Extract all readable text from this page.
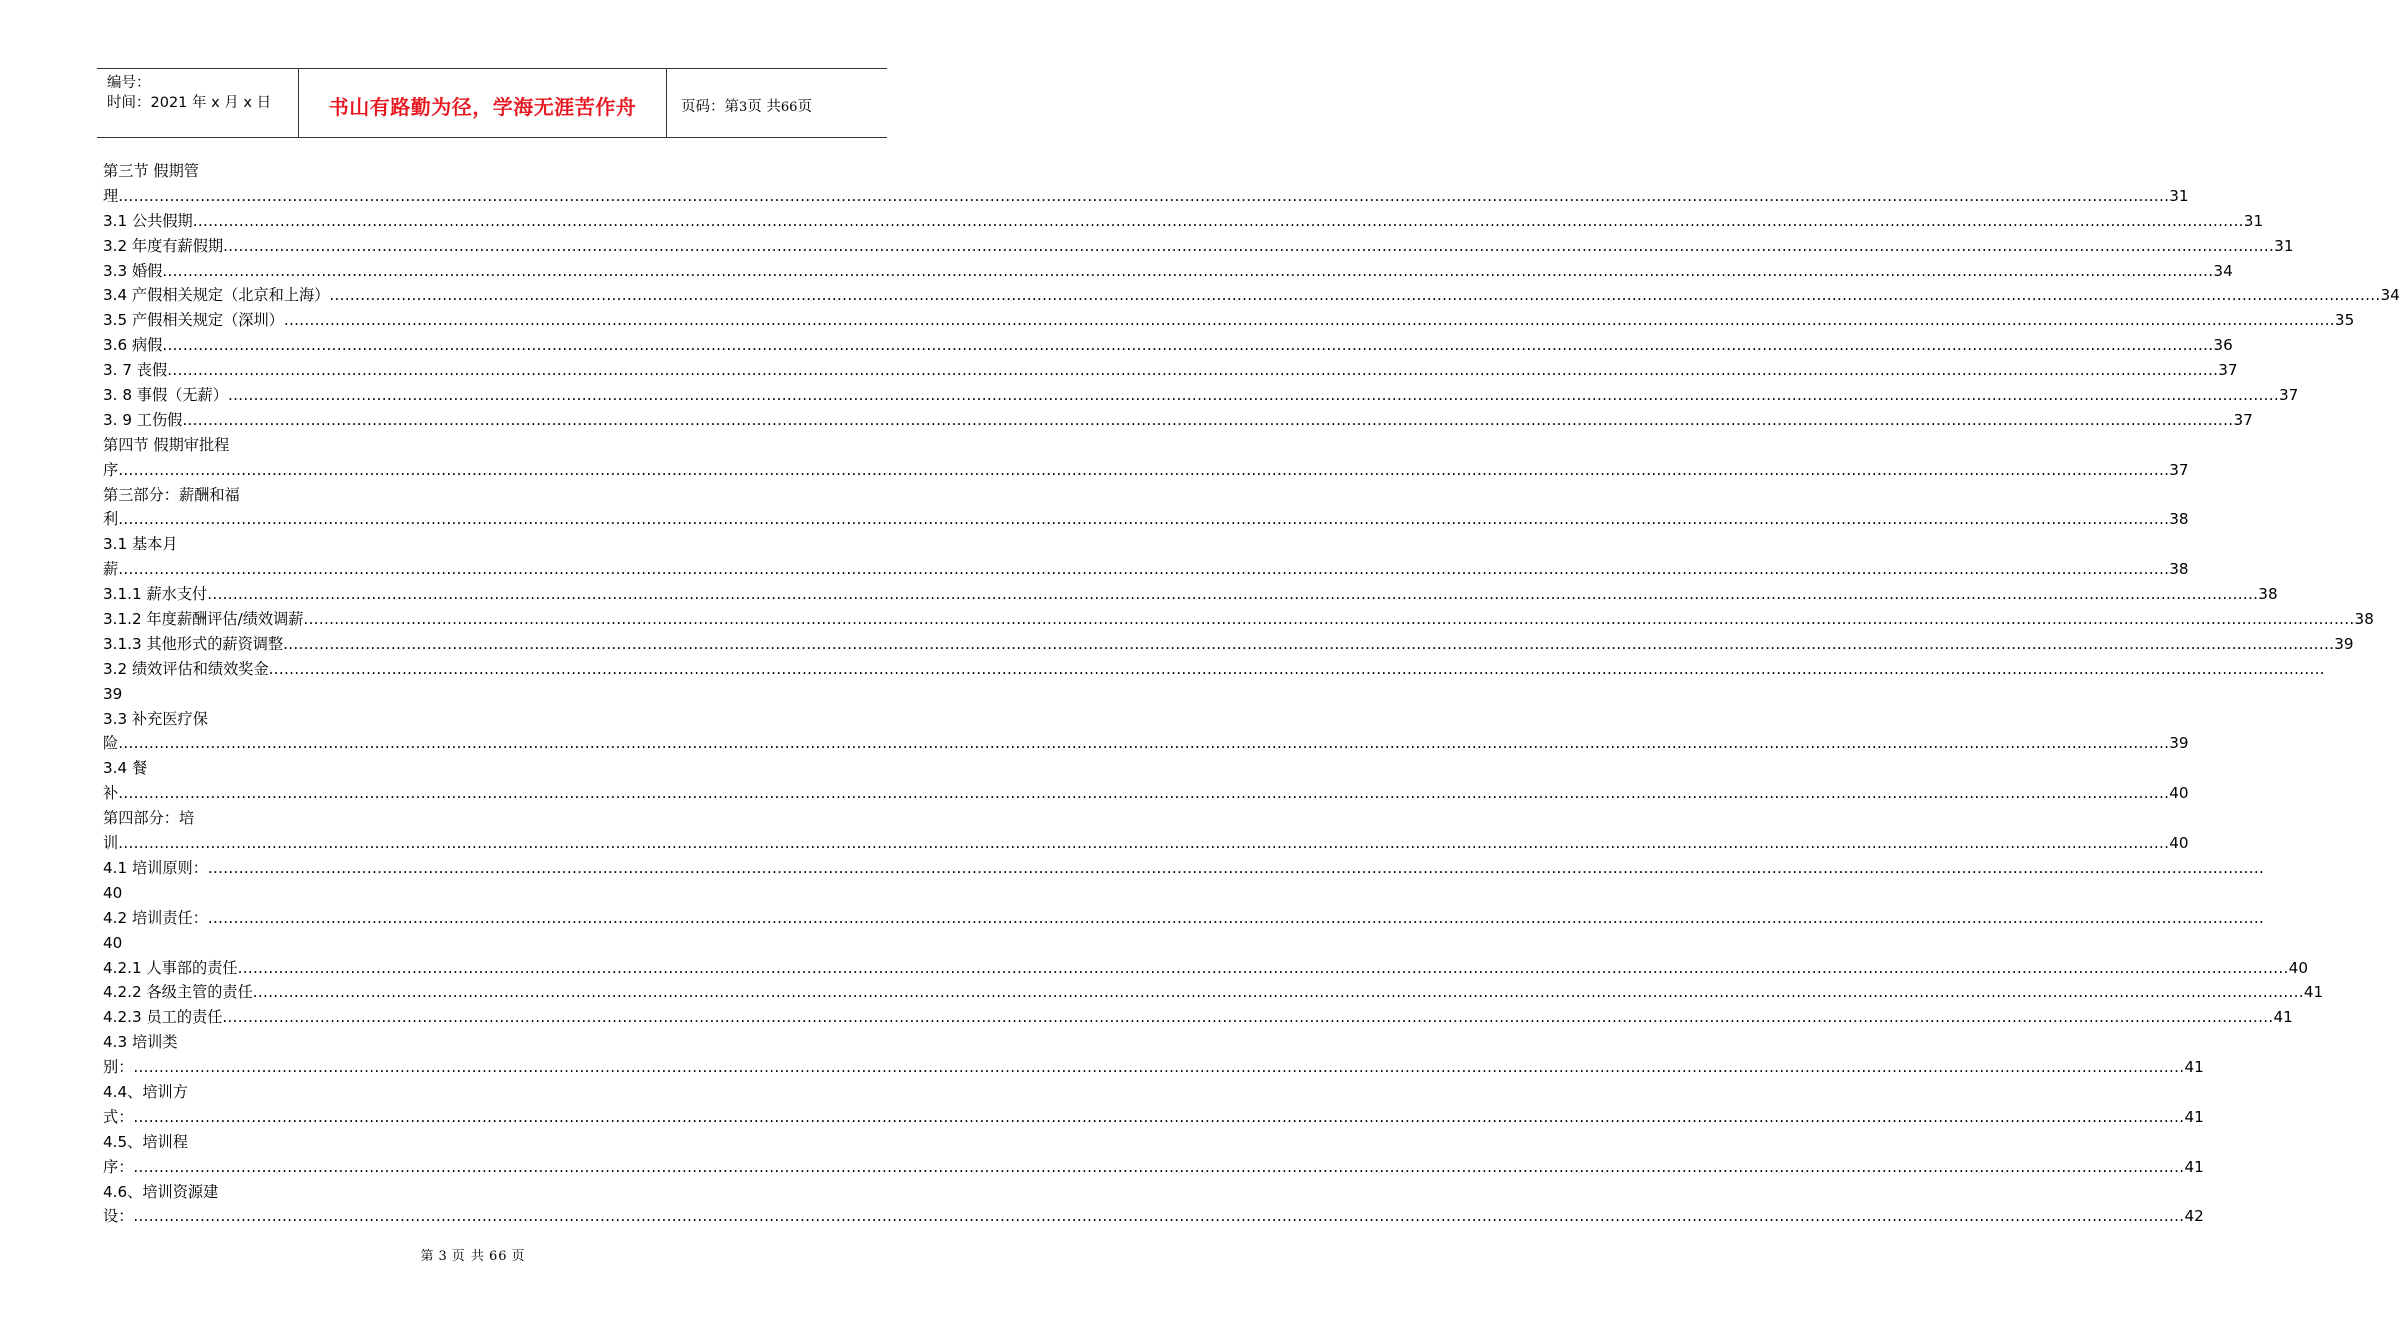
编号：
时间：2021 年 x 月 x 日	书山有路勤为径，学海无涯苦作舟	页码：第3页 共66页
第三节 假期管
理 ................................................................................................................................................................................................................................................................................................................................................................................................................ 31
3.1 公共假期 ................................................................................................................................................................................................................................................................................................................................................................................................................ 31
3.2 年度有薪假期 ................................................................................................................................................................................................................................................................................................................................................................................................................ 31
3.3 婚假 ................................................................................................................................................................................................................................................................................................................................................................................................................ 34
3.4 产假相关规定（北京和上海） ................................................................................................................................................................................................................................................................................................................................................................................................................ 34
3.5 产假相关规定（深圳） ................................................................................................................................................................................................................................................................................................................................................................................................................ 35
3.6 病假 ................................................................................................................................................................................................................................................................................................................................................................................................................ 36
3. 7 丧假 ................................................................................................................................................................................................................................................................................................................................................................................................................ 37
3. 8 事假（无薪） ................................................................................................................................................................................................................................................................................................................................................................................................................ 37
3. 9 工伤假 ................................................................................................................................................................................................................................................................................................................................................................................................................ 37
第四节 假期审批程
序 ................................................................................................................................................................................................................................................................................................................................................................................................................ 37
第三部分：薪酬和福
利 ................................................................................................................................................................................................................................................................................................................................................................................................................ 38
3.1 基本月
薪 ................................................................................................................................................................................................................................................................................................................................................................................................................ 38
3.1.1 薪水支付 ................................................................................................................................................................................................................................................................................................................................................................................................................ 38
3.1.2 年度薪酬评估/绩效调薪 ................................................................................................................................................................................................................................................................................................................................................................................................................ 38
3.1.3 其他形式的薪资调整 ................................................................................................................................................................................................................................................................................................................................................................................................................ 39
3.2 绩效评估和绩效奖金 ................................................................................................................................................................................................................................................................................................................................................................................................................ .
39
3.3 补充医疗保
险 ................................................................................................................................................................................................................................................................................................................................................................................................................ 39
3.4 餐
补 ................................................................................................................................................................................................................................................................................................................................................................................................................ 40
第四部分：培
训 ................................................................................................................................................................................................................................................................................................................................................................................................................ 40
4.1 培训原则： ................................................................................................................................................................................................................................................................................................................................................................................................................ .
40
4.2 培训责任： ................................................................................................................................................................................................................................................................................................................................................................................................................ .
40
4.2.1 人事部的责任 ................................................................................................................................................................................................................................................................................................................................................................................................................ 40
4.2.2 各级主管的责任 ................................................................................................................................................................................................................................................................................................................................................................................................................ 41
4.2.3 员工的责任 ................................................................................................................................................................................................................................................................................................................................................................................................................ 41
4.3 培训类
别： ................................................................................................................................................................................................................................................................................................................................................................................................................ 41
4.4、培训方
式： ................................................................................................................................................................................................................................................................................................................................................................................................................ 41
4.5、培训程
序： ................................................................................................................................................................................................................................................................................................................................................................................................................ 41
4.6、培训资源建
设： ................................................................................................................................................................................................................................................................................................................................................................................................................ 42
第 3 页 共 66 页
